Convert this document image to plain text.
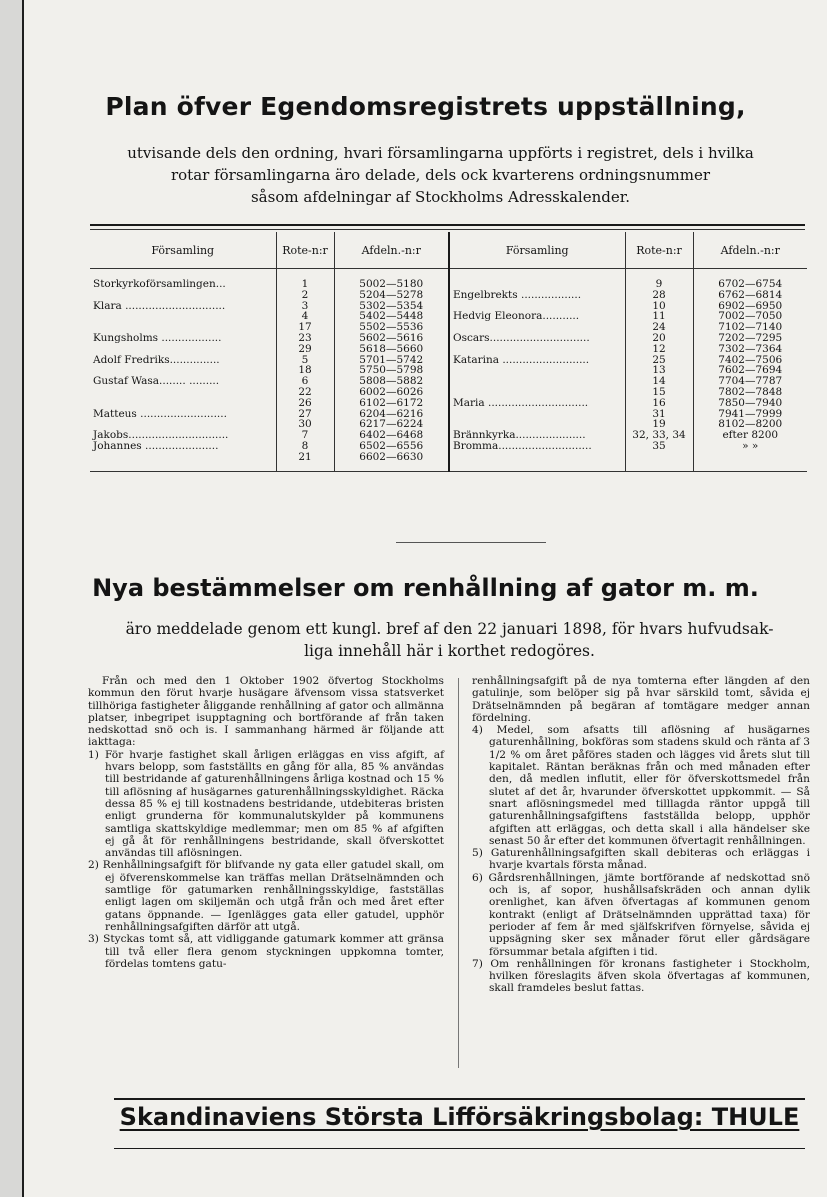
Plan öfver Egendomsregistrets uppställning,
utvisande dels den ordning, hvari församlingarna uppförts i registret, dels i hvilka
rotar församlingarna äro delade, dels ock kvarterens ordningsnummer
såsom afdelningar af Stockholms Adresskalender.
Församling	Rote-n:r	Afdeln.-n:r	Församling	Rote-n:r	Afdeln.-n:r

Storkyrkoförsamlingen...	1	5002—5180		9	6702—6754
	2	5204—5278	Engelbrekts ..................	28	6762—6814
Klara ..............................	3	5302—5354		10	6902—6950
	4	5402—5448	Hedvig Eleonora...........	11	7002—7050
	17	5502—5536		24	7102—7140
Kungsholms ..................	23	5602—5616	Oscars..............................	20	7202—7295
	29	5618—5660		12	7302—7364
Adolf Fredriks...............	5	5701—5742	Katarina ..........................	25	7402—7506
	18	5750—5798		13	7602—7694
Gustaf Wasa........ .........	6	5808—5882		14	7704—7787
	22	6002—6026		15	7802—7848
	26	6102—6172	Maria ..............................	16	7850—7940
Matteus ..........................	27	6204—6216		31	7941—7999
	30	6217—6224		19	8102—8200
Jakobs..............................	7	6402—6468	Brännkyrka.....................	32, 33, 34	efter 8200
Johannes ......................	8	6502—6556	Bromma............................	35	» »
	21	6602—6630			

Nya bestämmelser om renhållning af gator m. m.
äro meddelade genom ett kungl. bref af den 22 januari 1898, för hvars hufvudsak-
liga innehåll här i korthet redogöres.

Från och med den 1 Oktober 1902 öfvertog Stockholms kommun den förut hvarje husägare äfvensom vissa statsverket tillhöriga fastigheter åliggande renhållning af gator och allmänna platser, inbegripet isupptagning och bortförande af från taken nedskottad snö och is. I sammanhang härmed är följande att iakttaga:

1) För hvarje fastighet skall årligen erläggas en viss afgift, af hvars belopp, som fastställts en gång för alla, 85 % användas till bestridande af gaturenhållningens årliga kostnad och 15 % till aflösning af husägarnes gaturenhållningsskyldighet. Räcka dessa 85 % ej till kostnadens bestridande, utdebiteras bristen enligt grunderna för kommunalutskylder på kommunens samtliga skattskyldige medlemmar; men om 85 % af afgiften ej gå åt för renhållningens bestridande, skall öfverskottet användas till aflösningen.

2) Renhållningsafgift för blifvande ny gata eller gatudel skall, om ej öfverenskommelse kan träffas mellan Drätselnämnden och samtlige för gatumarken renhållningsskyldige, fastställas enligt lagen om skiljemän och utgå från och med året efter gatans öppnande. — Igenlägges gata eller gatudel, upphör renhållningsafgiften därför att utgå.

3) Styckas tomt så, att vidliggande gatumark kommer att gränsa till två eller flera genom styckningen uppkomna tomter, fördelas tomtens gatu-

renhållningsafgift på de nya tomterna efter längden af den gatulinje, som belöper sig på hvar särskild tomt, såvida ej Drätselnämnden på begäran af tomtägare medger annan fördelning.

4) Medel, som afsatts till aflösning af husägarnes gaturenhållning, bokföras som stadens skuld och ränta af 3 1/2 % om året påföres staden och lägges vid årets slut till kapitalet. Räntan beräknas från och med månaden efter den, då medlen influtit, eller för öfverskottsmedel från slutet af det år, hvarunder öfverskottet uppkommit. — Så snart aflösningsmedel med tilllagda räntor uppgå till gaturenhållningsafgiftens fastställda belopp, upphör afgiften att erläggas, och detta skall i alla händelser ske senast 50 år efter det kommunen öfvertagit renhållningen.

5) Gaturenhållningsafgiften skall debiteras och erläggas i hvarje kvartals första månad.

6) Gårdsrenhållningen, jämte bortförande af nedskottad snö och is, af sopor, hushållsafskräden och annan dylik orenlighet, kan äfven öfvertagas af kommunen genom kontrakt (enligt af Drätselnämnden upprättad taxa) för perioder af fem år med själfskrifven förnyelse, såvida ej uppsägning sker sex månader förut eller gårdsägare försummar betala afgiften i tid.

7) Om renhållningen för kronans fastigheter i Stockholm, hvilken föreslagits äfven skola öfvertagas af kommunen, skall framdeles beslut fattas.

Skandinaviens Största Lifförsäkringsbolag: THULE
